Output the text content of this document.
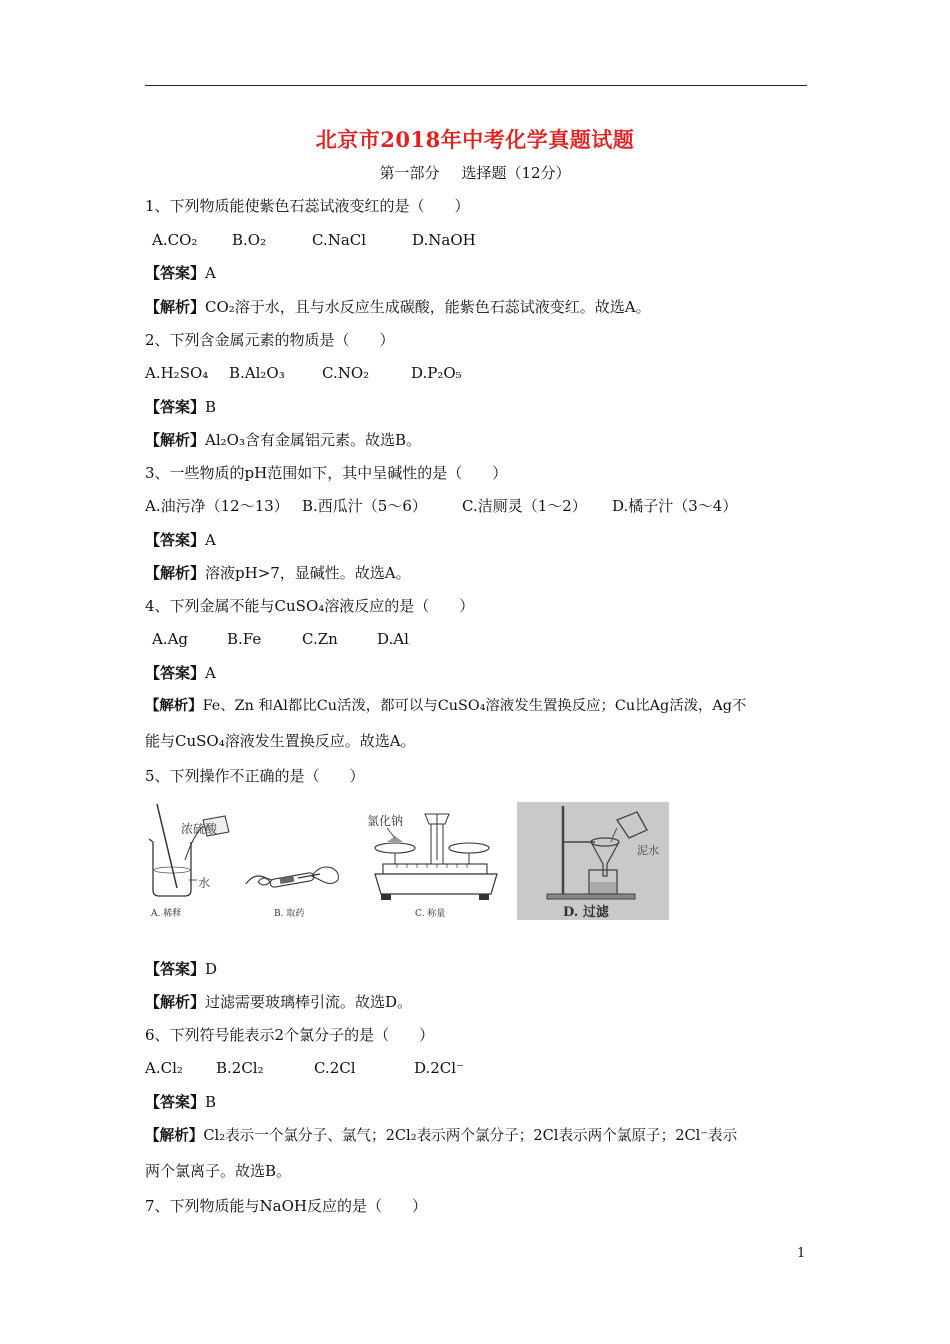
北京市2018年中考化学真题试题
第一部分 选择题（12分）
1、下列物质能使紫色石蕊试液变红的是（　　）
A.CO₂ B.O₂	C.NaCl	D.NaOH
【答案】A
【解析】CO₂溶于水，且与水反应生成碳酸，能紫色石蕊试液变红。故选A。
2、下列含金属元素的物质是（　　）
A.H₂SO₄ B.Al₂O₃ C.NO₂	D.P₂O₅
【答案】B
【解析】Al₂O₃含有金属铝元素。故选B。
3、一些物质的pH范围如下，其中呈碱性的是（　　）
A.油污净（12～13） B.西瓜汁（5～6） C.洁厕灵（1～2） D.橘子汁（3～4）
【答案】A
【解析】溶液pH>7，显碱性。故选A。
4、下列金属不能与CuSO₄溶液反应的是（　　）
A.Ag	B.Fe	C.Zn	D.Al
【答案】A
【解析】Fe、Zn 和Al都比Cu活泼，都可以与CuSO₄溶液发生置换反应；Cu比Ag活泼，Ag不
能与CuSO₄溶液发生置换反应。故选A。
5、下列操作不正确的是（　　）
浓硫酸
水
A. 稀释	B. 取药
氯化钠
C. 称量
泥水
D. 过滤
【答案】D
【解析】过滤需要玻璃棒引流。故选D。
6、下列符号能表示2个氯分子的是（　　）
A.Cl₂ B.2Cl₂	C.2Cl	D.2Cl⁻
【答案】B
【解析】Cl₂表示一个氯分子、氯气；2Cl₂表示两个氯分子；2Cl表示两个氯原子；2Cl⁻表示
两个氯离子。故选B。
7、下列物质能与NaOH反应的是（　　）
1
